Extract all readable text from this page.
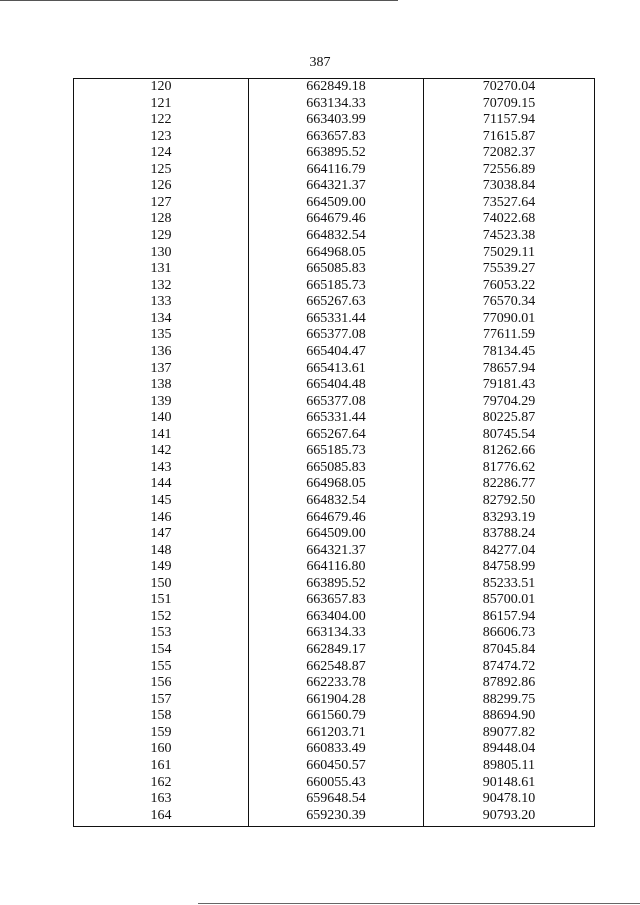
387
120
121
122
123
124
125
126
127
128
129
130
131
132
133
134
135
136
137
138
139
140
141
142
143
144
145
146
147
148
149
150
151
152
153
154
155
156
157
158
159
160
161
162
163
164
662849.18
663134.33
663403.99
663657.83
663895.52
664116.79
664321.37
664509.00
664679.46
664832.54
664968.05
665085.83
665185.73
665267.63
665331.44
665377.08
665404.47
665413.61
665404.48
665377.08
665331.44
665267.64
665185.73
665085.83
664968.05
664832.54
664679.46
664509.00
664321.37
664116.80
663895.52
663657.83
663404.00
663134.33
662849.17
662548.87
662233.78
661904.28
661560.79
661203.71
660833.49
660450.57
660055.43
659648.54
659230.39
70270.04
70709.15
71157.94
71615.87
72082.37
72556.89
73038.84
73527.64
74022.68
74523.38
75029.11
75539.27
76053.22
76570.34
77090.01
77611.59
78134.45
78657.94
79181.43
79704.29
80225.87
80745.54
81262.66
81776.62
82286.77
82792.50
83293.19
83788.24
84277.04
84758.99
85233.51
85700.01
86157.94
86606.73
87045.84
87474.72
87892.86
88299.75
88694.90
89077.82
89448.04
89805.11
90148.61
90478.10
90793.20
